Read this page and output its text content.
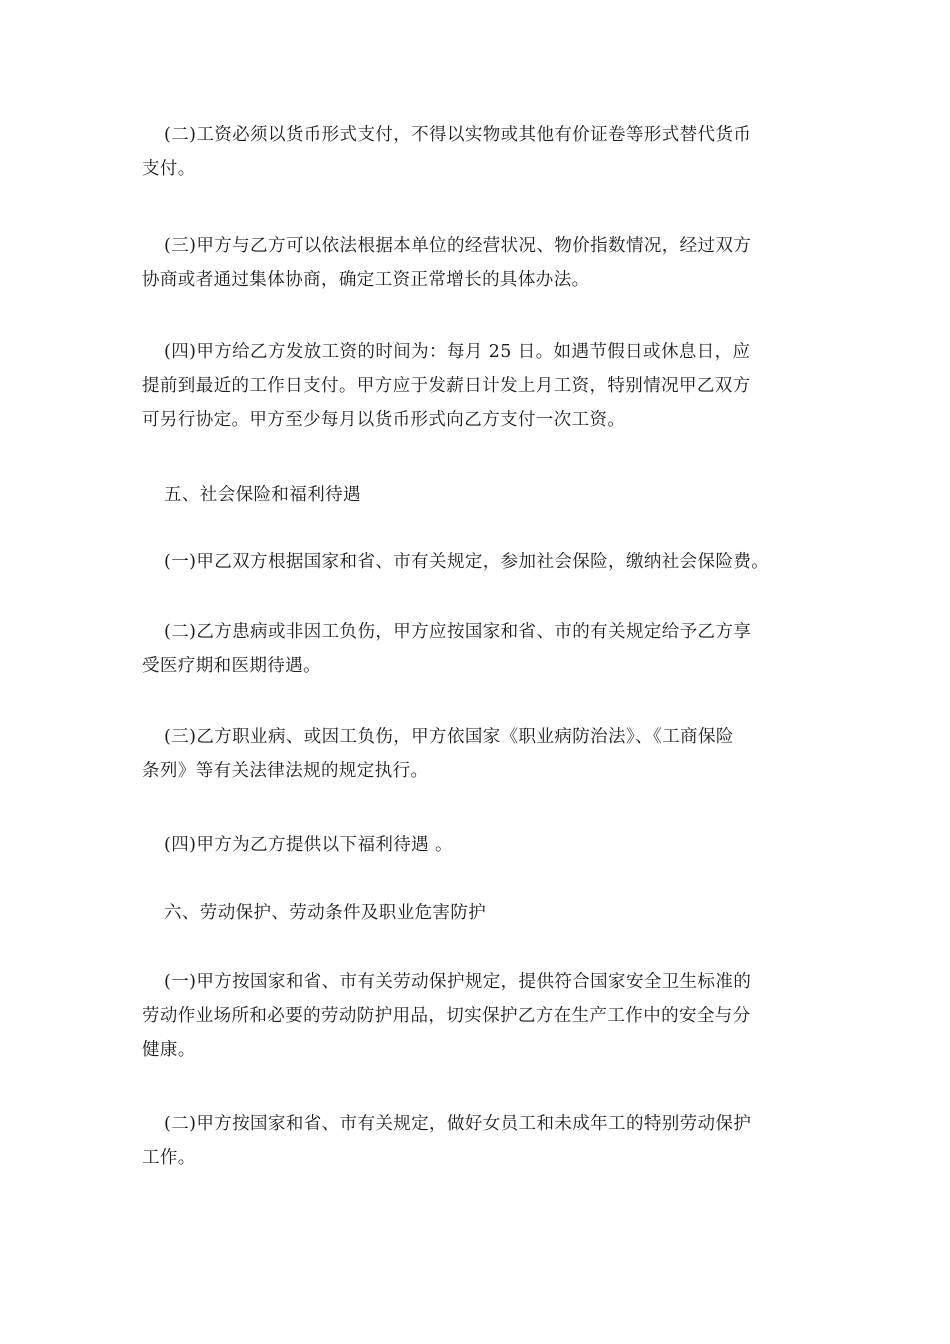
(二)工资必须以货币形式支付，不得以实物或其他有价证卷等形式替代货币
支付。

(三)甲方与乙方可以依法根据本单位的经营状况、物价指数情况，经过双方
协商或者通过集体协商，确定工资正常增长的具体办法。

(四)甲方给乙方发放工资的时间为：每月 25 日。如遇节假日或休息日，应
提前到最近的工作日支付。甲方应于发薪日计发上月工资，特别情况甲乙双方
可另行协定。甲方至少每月以货币形式向乙方支付一次工资。

五、社会保险和福利待遇

(一)甲乙双方根据国家和省、市有关规定，参加社会保险，缴纳社会保险费。

(二)乙方患病或非因工负伤，甲方应按国家和省、市的有关规定给予乙方享
受医疗期和医期待遇。

(三)乙方职业病、或因工负伤，甲方依国家《职业病防治法》、《工商保险
条列》等有关法律法规的规定执行。

(四)甲方为乙方提供以下福利待遇 。

六、劳动保护、劳动条件及职业危害防护

(一)甲方按国家和省、市有关劳动保护规定，提供符合国家安全卫生标准的
劳动作业场所和必要的劳动防护用品，切实保护乙方在生产工作中的安全与分
健康。

(二)甲方按国家和省、市有关规定，做好女员工和未成年工的特别劳动保护
工作。
